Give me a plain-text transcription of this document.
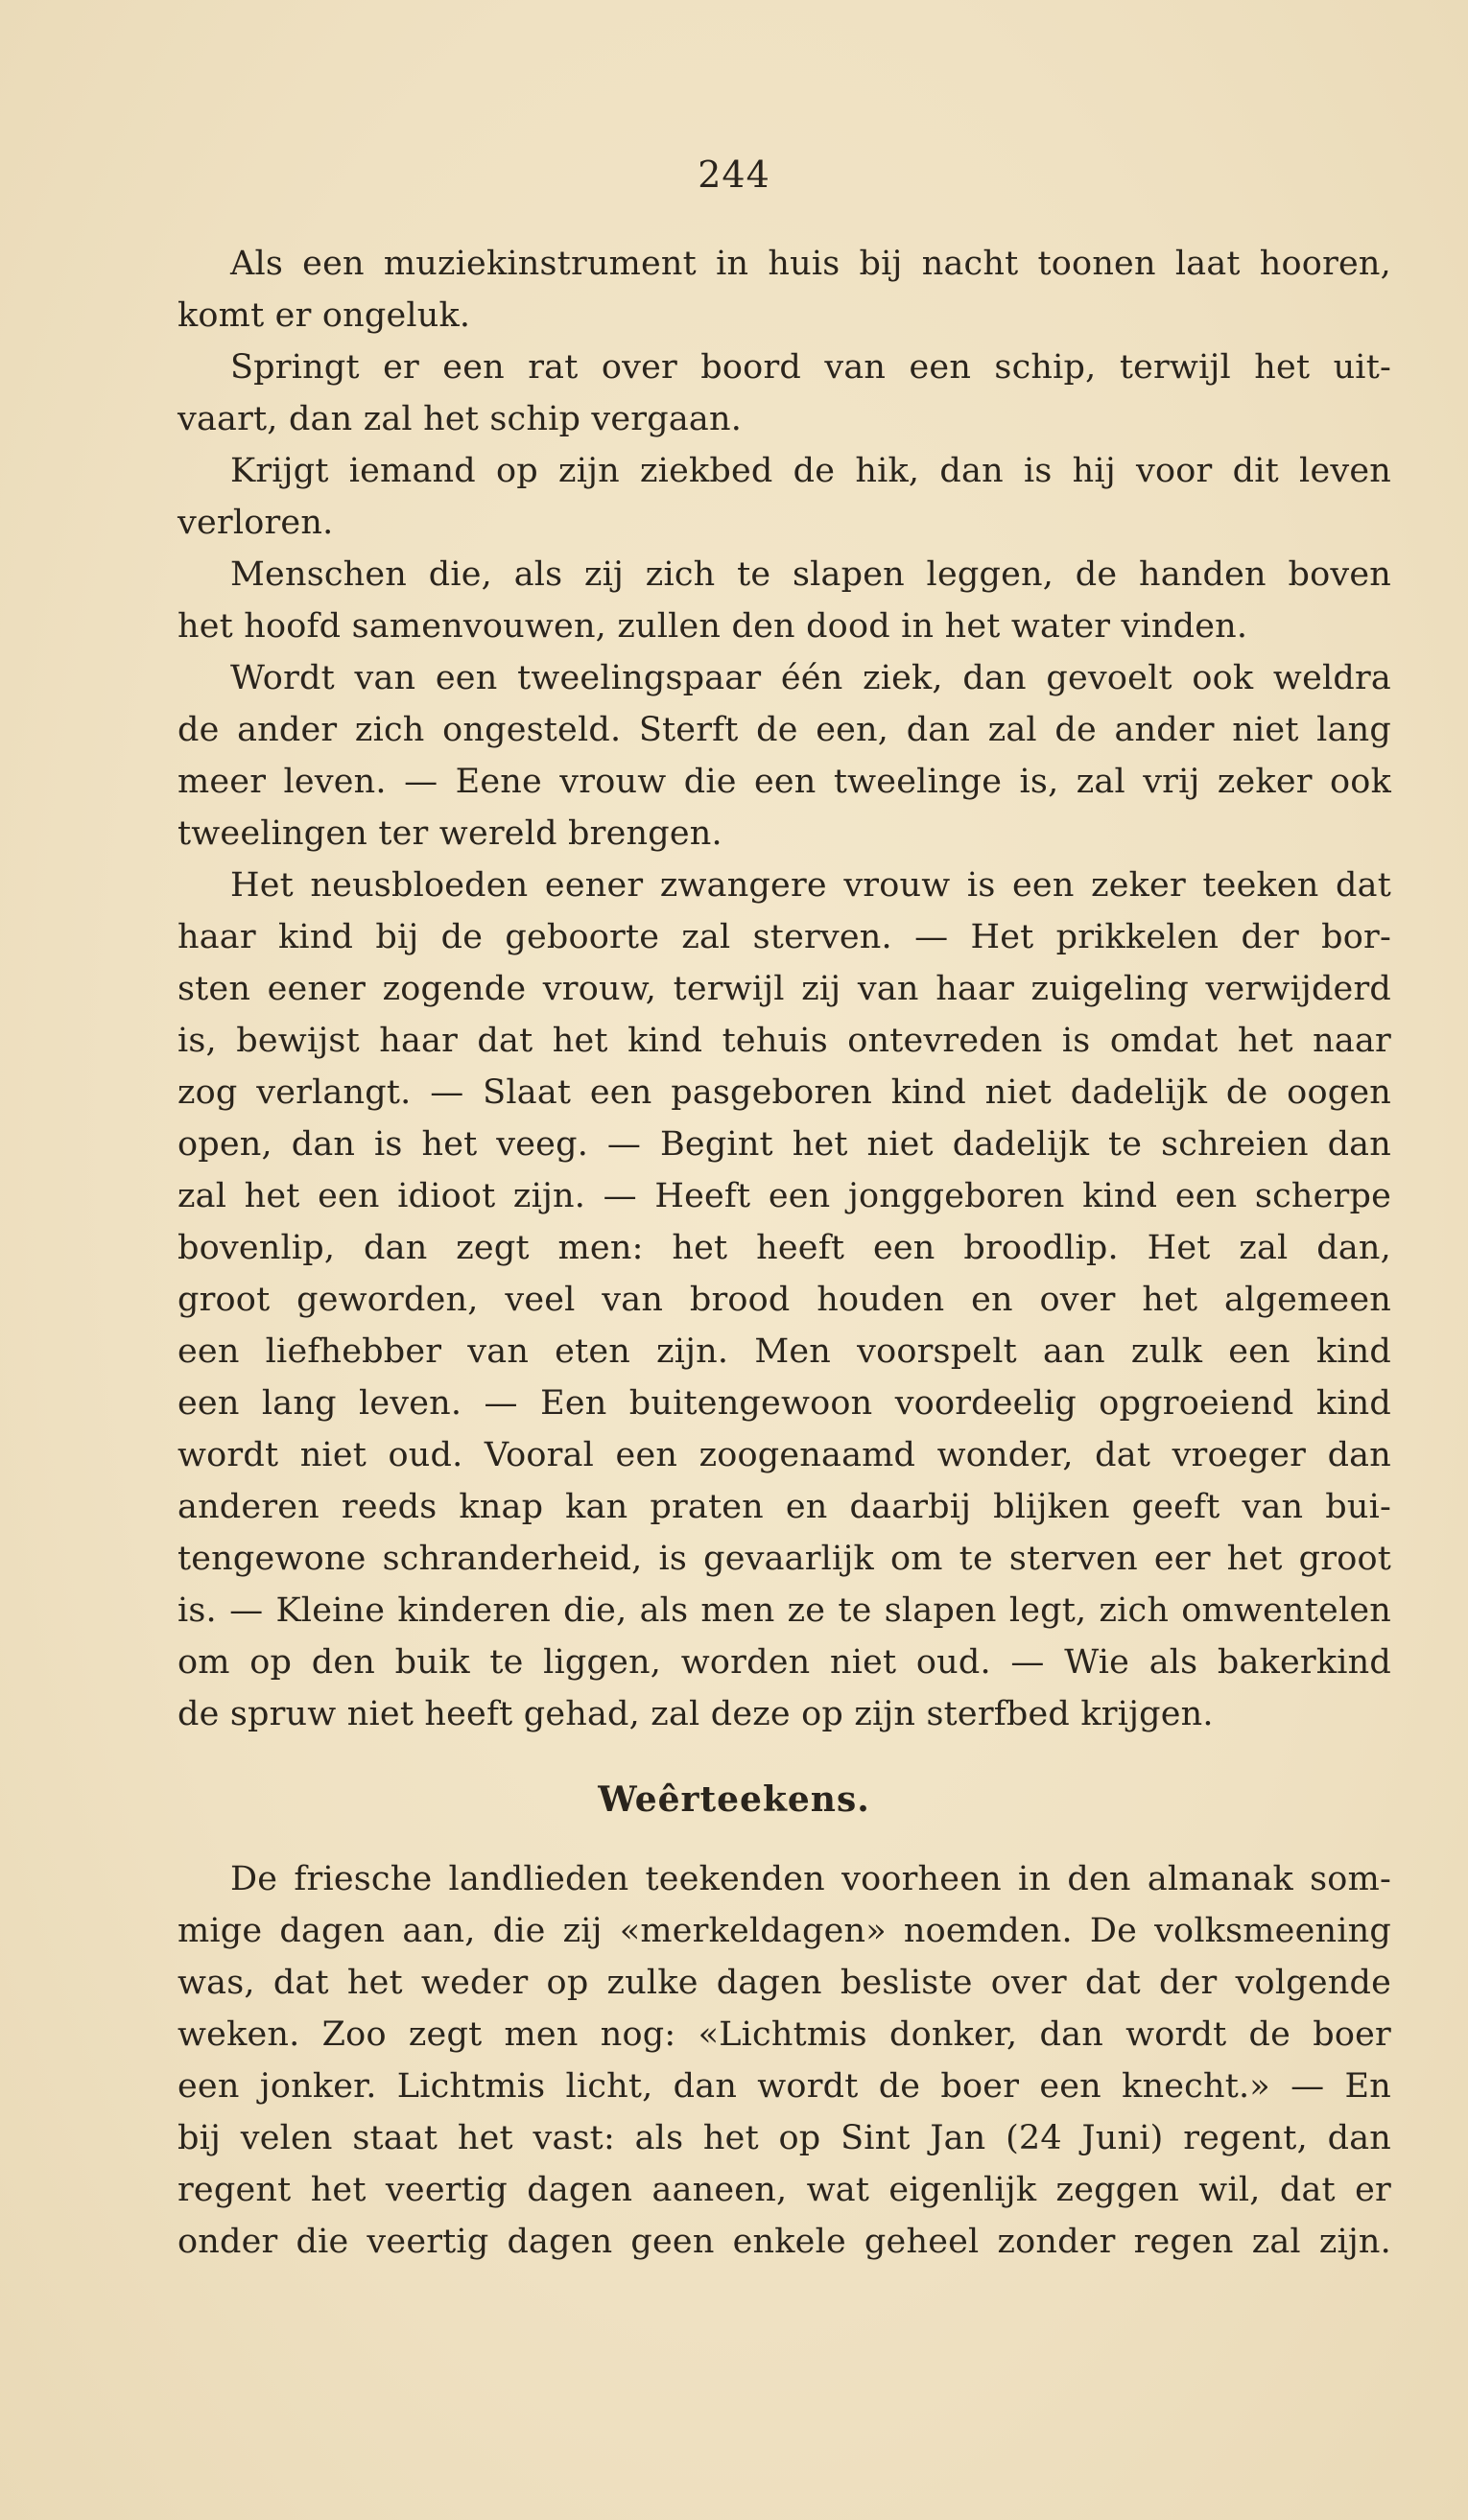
244
Als een muziekinstrument in huis bij nacht toonen laat hooren,
komt er ongeluk.
Springt er een rat over boord van een schip, terwijl het uit-
vaart, dan zal het schip vergaan.
Krijgt iemand op zijn ziekbed de hik, dan is hij voor dit leven
verloren.
Menschen die, als zij zich te slapen leggen, de handen boven
het hoofd samenvouwen, zullen den dood in het water vinden.
Wordt van een tweelingspaar één ziek, dan gevoelt ook weldra
de ander zich ongesteld. Sterft de een, dan zal de ander niet lang
meer leven. — Eene vrouw die een tweelinge is, zal vrij zeker ook
tweelingen ter wereld brengen.
Het neusbloeden eener zwangere vrouw is een zeker teeken dat
haar kind bij de geboorte zal sterven. — Het prikkelen der bor-
sten eener zogende vrouw, terwijl zij van haar zuigeling verwijderd
is, bewijst haar dat het kind tehuis ontevreden is omdat het naar
zog verlangt. — Slaat een pasgeboren kind niet dadelijk de oogen
open, dan is het veeg. — Begint het niet dadelijk te schreien dan
zal het een idioot zijn. — Heeft een jonggeboren kind een scherpe
bovenlip, dan zegt men: het heeft een broodlip. Het zal dan,
groot geworden, veel van brood houden en over het algemeen
een liefhebber van eten zijn. Men voorspelt aan zulk een kind
een lang leven. — Een buitengewoon voordeelig opgroeiend kind
wordt niet oud. Vooral een zoogenaamd wonder, dat vroeger dan
anderen reeds knap kan praten en daarbij blijken geeft van bui-
tengewone schranderheid, is gevaarlijk om te sterven eer het groot
is. — Kleine kinderen die, als men ze te slapen legt, zich omwentelen
om op den buik te liggen, worden niet oud. — Wie als bakerkind
de spruw niet heeft gehad, zal deze op zijn sterfbed krijgen.
Weêrteekens.
De friesche landlieden teekenden voorheen in den almanak som-
mige dagen aan, die zij «merkeldagen» noemden. De volksmeening
was, dat het weder op zulke dagen besliste over dat der volgende
weken. Zoo zegt men nog: «Lichtmis donker, dan wordt de boer
een jonker. Lichtmis licht, dan wordt de boer een knecht.» — En
bij velen staat het vast: als het op Sint Jan (24 Juni) regent, dan
regent het veertig dagen aaneen, wat eigenlijk zeggen wil, dat er
onder die veertig dagen geen enkele geheel zonder regen zal zijn.
